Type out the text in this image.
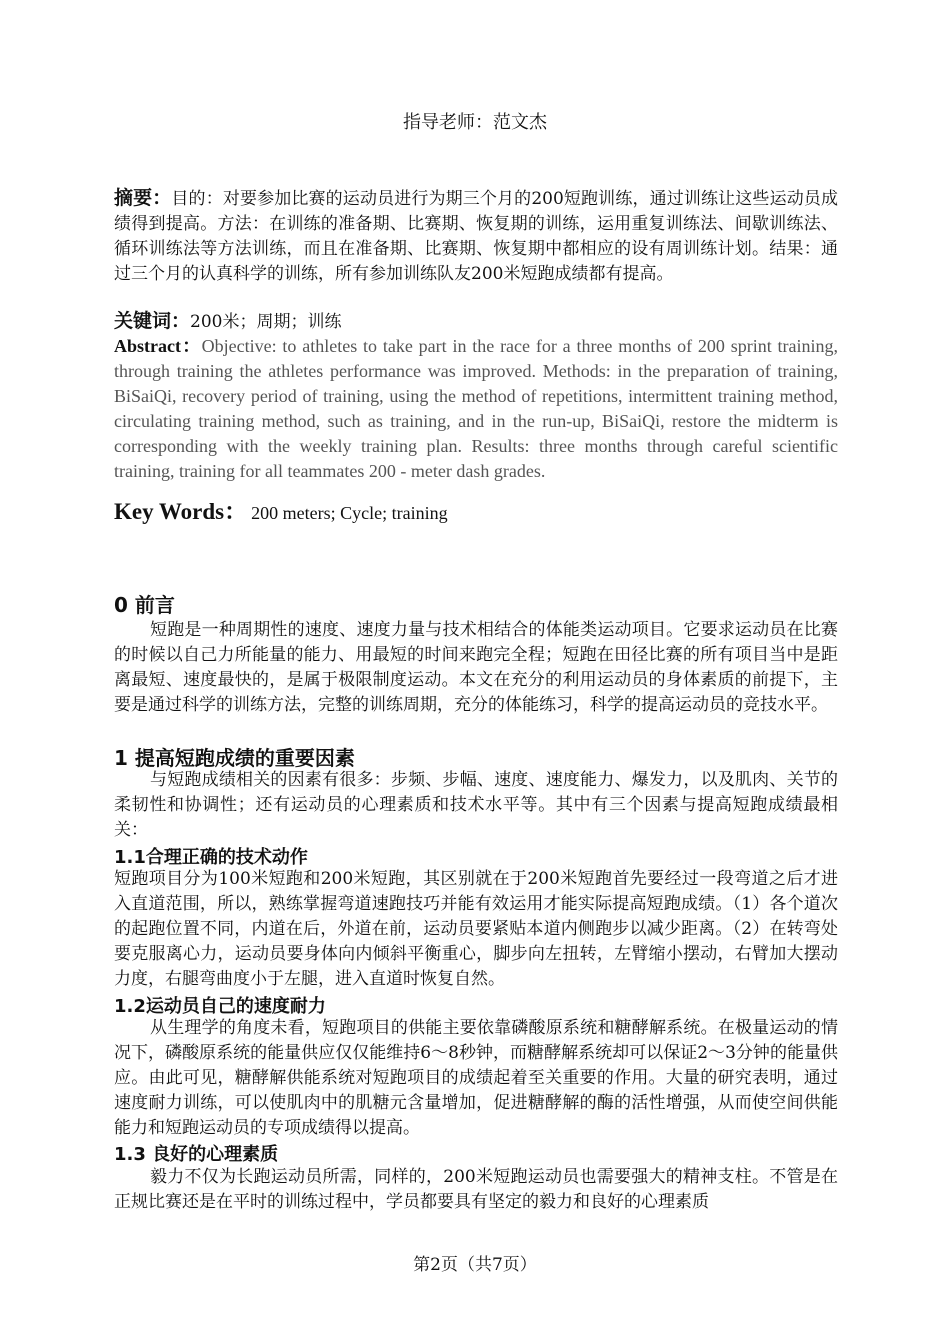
指导老师：范文杰

摘要：目的：对要参加比赛的运动员进行为期三个月的200短跑训练，通过训练让这些运动员成绩得到提高。方法：在训练的准备期、比赛期、恢复期的训练，运用重复训练法、间歇训练法、循环训练法等方法训练，而且在准备期、比赛期、恢复期中都相应的设有周训练计划。结果：通过三个月的认真科学的训练，所有参加训练队友200米短跑成绩都有提高。

关键词：200米；周期；训练

Abstract：Objective: to athletes to take part in the race for a three months of 200 sprint training, through training the athletes performance was improved. Methods: in the preparation of training, BiSaiQi, recovery period of training, using the method of repetitions, intermittent training method, circulating training method, such as training, and in the run-up, BiSaiQi, restore the midterm is corresponding with the weekly training plan. Results: three months through careful scientific training, training for all teammates 200 - meter dash grades.

Key Words： 200 meters; Cycle; training
0 前言

短跑是一种周期性的速度、速度力量与技术相结合的体能类运动项目。它要求运动员在比赛的时候以自己力所能量的能力、用最短的时间来跑完全程；短跑在田径比赛的所有项目当中是距离最短、速度最快的，是属于极限制度运动。本文在充分的利用运动员的身体素质的前提下，主要是通过科学的训练方法，完整的训练周期，充分的体能练习，科学的提高运动员的竞技水平。

1 提高短跑成绩的重要因素

与短跑成绩相关的因素有很多：步频、步幅、速度、速度能力、爆发力，以及肌肉、关节的柔韧性和协调性；还有运动员的心理素质和技术水平等。其中有三个因素与提高短跑成绩最相关：

1.1合理正确的技术动作

短跑项目分为100米短跑和200米短跑，其区别就在于200米短跑首先要经过一段弯道之后才进入直道范围，所以，熟练掌握弯道速跑技巧并能有效运用才能实际提高短跑成绩。（1）各个道次的起跑位置不同，内道在后，外道在前，运动员要紧贴本道内侧跑步以减少距离。（2）在转弯处要克服离心力，运动员要身体向内倾斜平衡重心，脚步向左扭转，左臂缩小摆动，右臂加大摆动力度，右腿弯曲度小于左腿，进入直道时恢复自然。

1.2运动员自己的速度耐力

从生理学的角度未看，短跑项目的供能主要依靠磷酸原系统和糖酵解系统。在极量运动的情况下，磷酸原系统的能量供应仅仅能维持6～8秒钟，而糖酵解系统却可以保证2～3分钟的能量供应。由此可见，糖酵解供能系统对短跑项目的成绩起着至关重要的作用。大量的研究表明，通过速度耐力训练，可以使肌肉中的肌糖元含量增加，促进糖酵解的酶的活性增强，从而使空间供能能力和短跑运动员的专项成绩得以提高。

1.3 良好的心理素质

毅力不仅为长跑运动员所需，同样的，200米短跑运动员也需要强大的精神支柱。不管是在正规比赛还是在平时的训练过程中，学员都要具有坚定的毅力和良好的心理素质

第2页（共7页）
